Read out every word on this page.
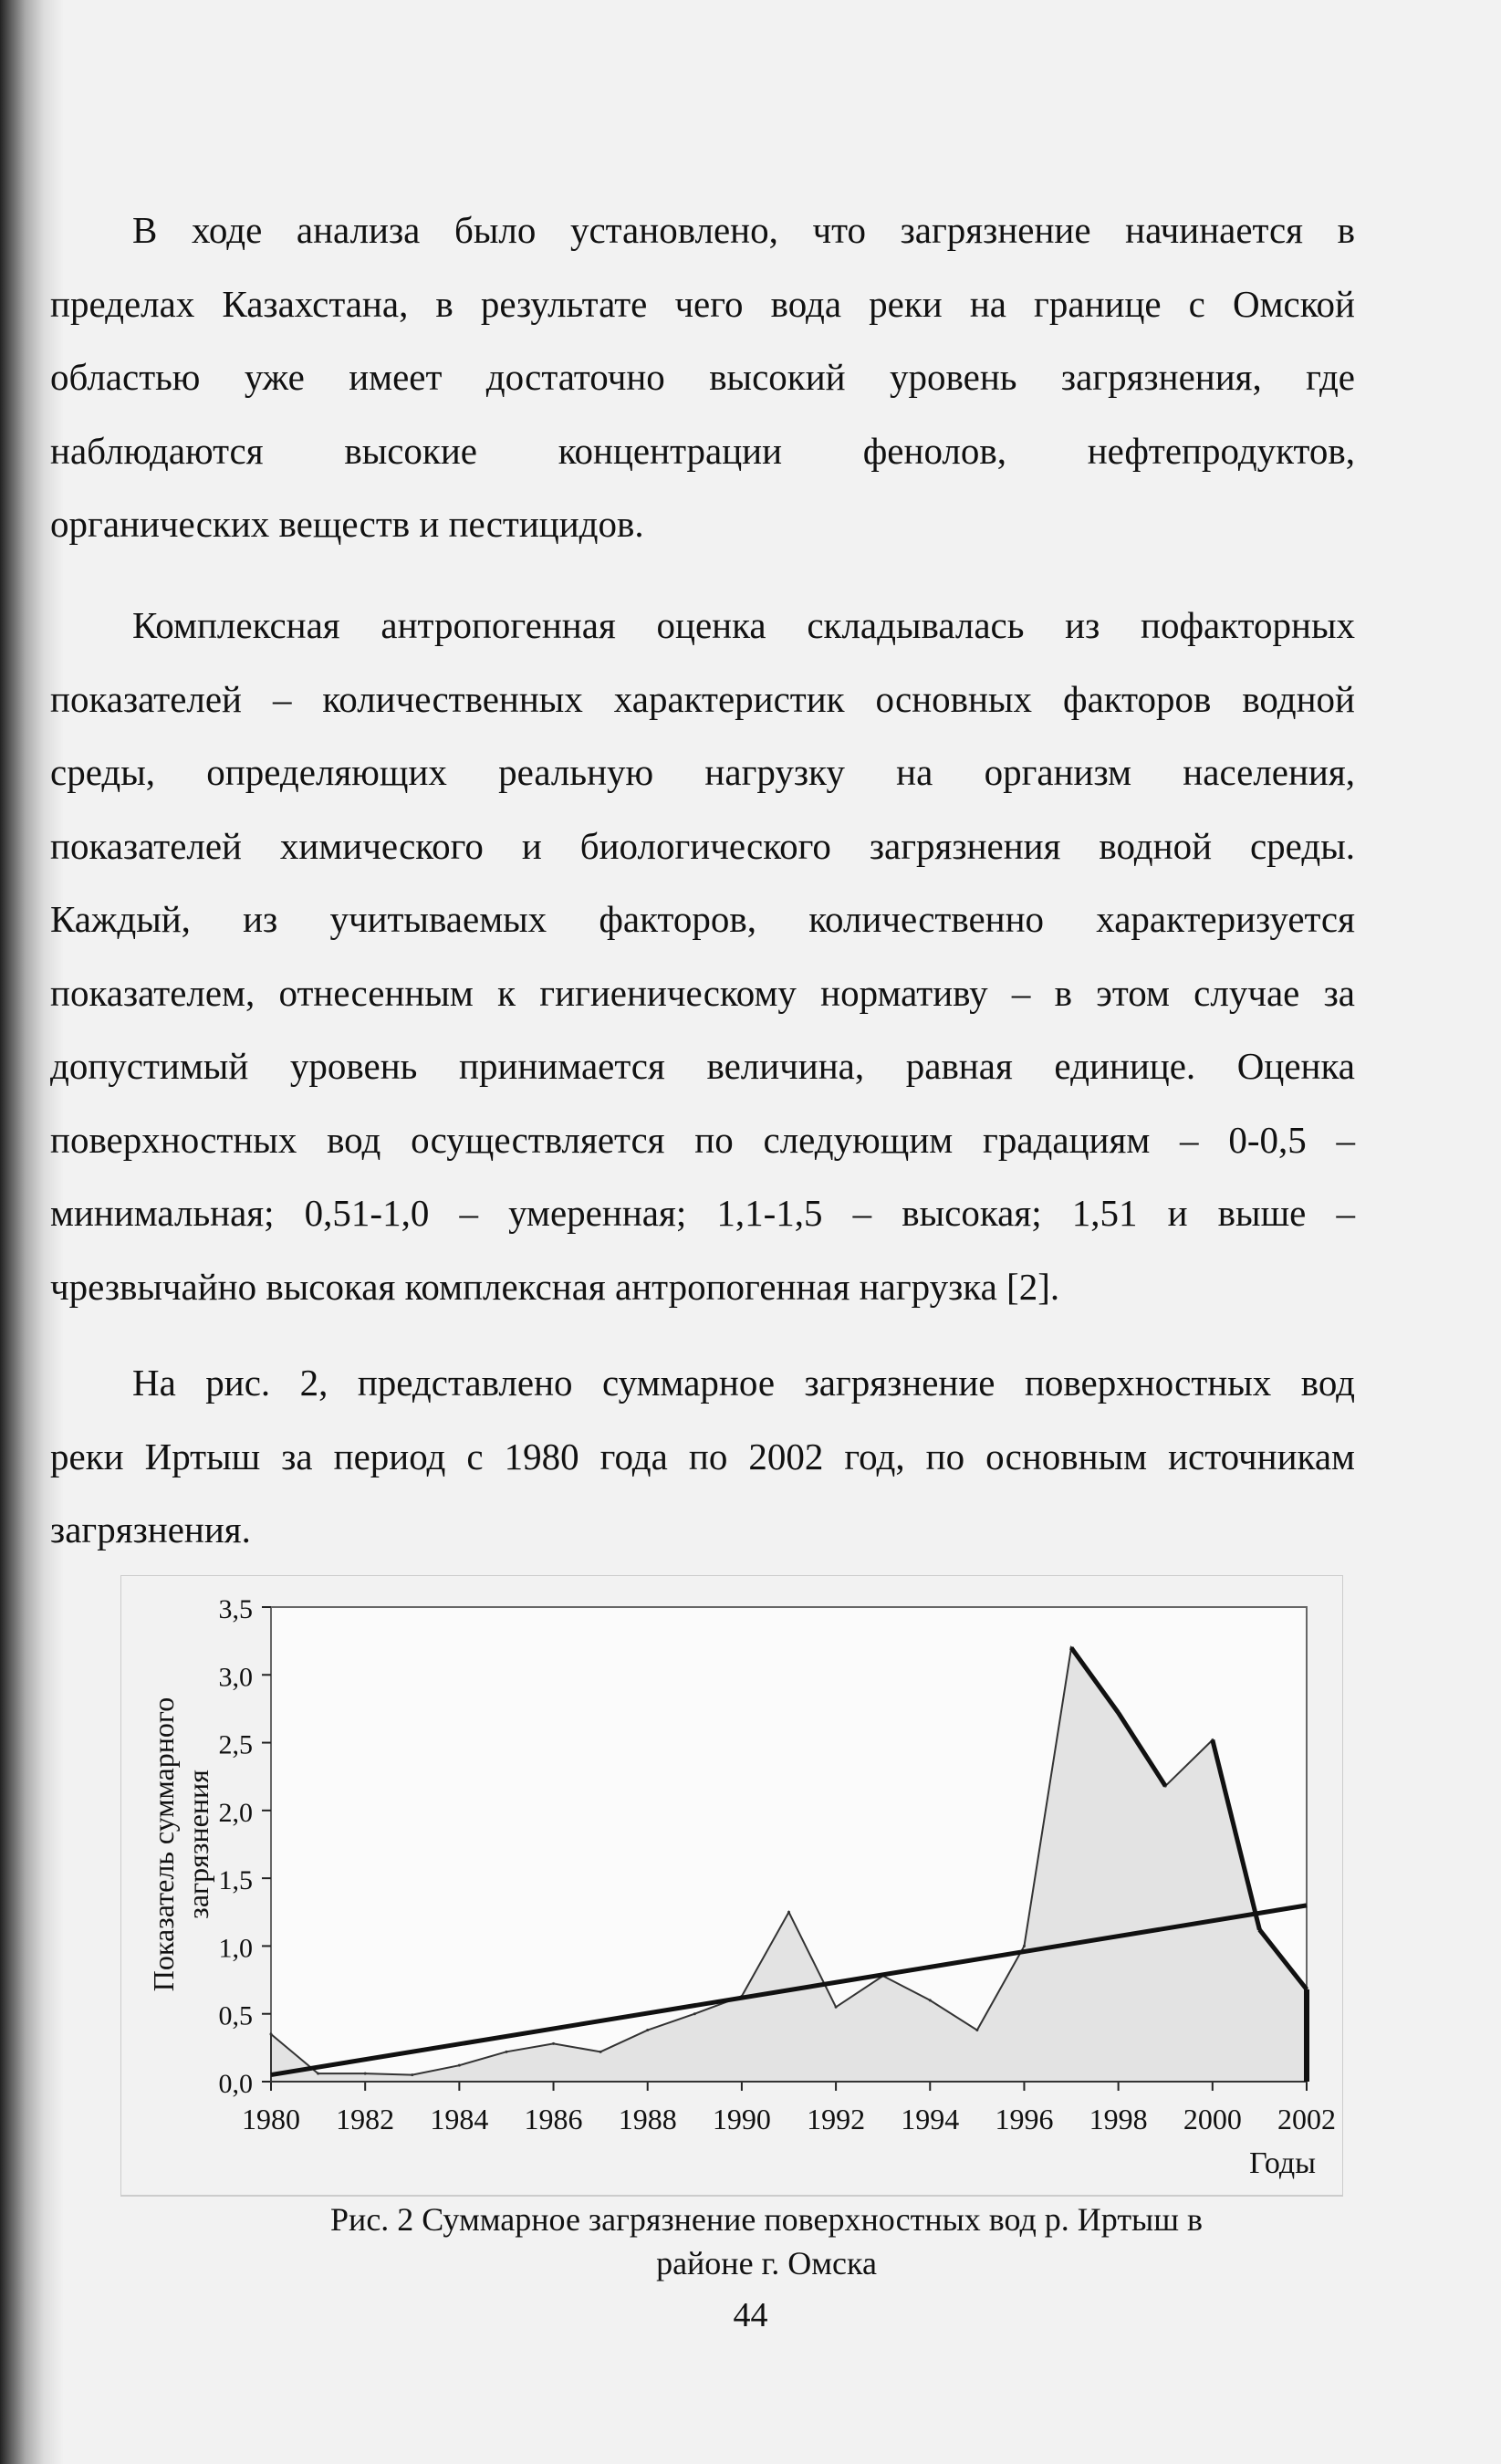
В ходе анализа было установлено, что загрязнение начинается в
пределах Казахстана, в результате чего вода реки на границе с Омской
областью уже имеет достаточно высокий уровень загрязнения, где
наблюдаются высокие концентрации фенолов, нефтепродуктов,
органических веществ и пестицидов.
Комплексная антропогенная оценка складывалась из пофакторных
показателей – количественных характеристик основных факторов водной
среды, определяющих реальную нагрузку на организм населения,
показателей химического и биологического загрязнения водной среды.
Каждый, из учитываемых факторов, количественно характеризуется
показателем, отнесенным к гигиеническому нормативу – в этом случае за
допустимый уровень принимается величина, равная единице. Оценка
поверхностных вод осуществляется по следующим градациям – 0-0,5 –
минимальная; 0,51-1,0 – умеренная; 1,1-1,5 – высокая; 1,51 и выше –
чрезвычайно высокая комплексная антропогенная нагрузка [2].
На рис. 2, представлено суммарное загрязнение поверхностных вод
реки Иртыш за период с 1980 года по 2002 год, по основным источникам
загрязнения.
0,0
0,5
1,0
1,5
2,0
2,5
3,0
3,5
1980 1982 1984 1986 1988 1990 1992 1994 1996 1998 2000 2002
Показатель суммарногозагрязнения
Годы
Рис. 2 Суммарное загрязнение поверхностных вод р. Иртыш в
районе г. Омска
44
